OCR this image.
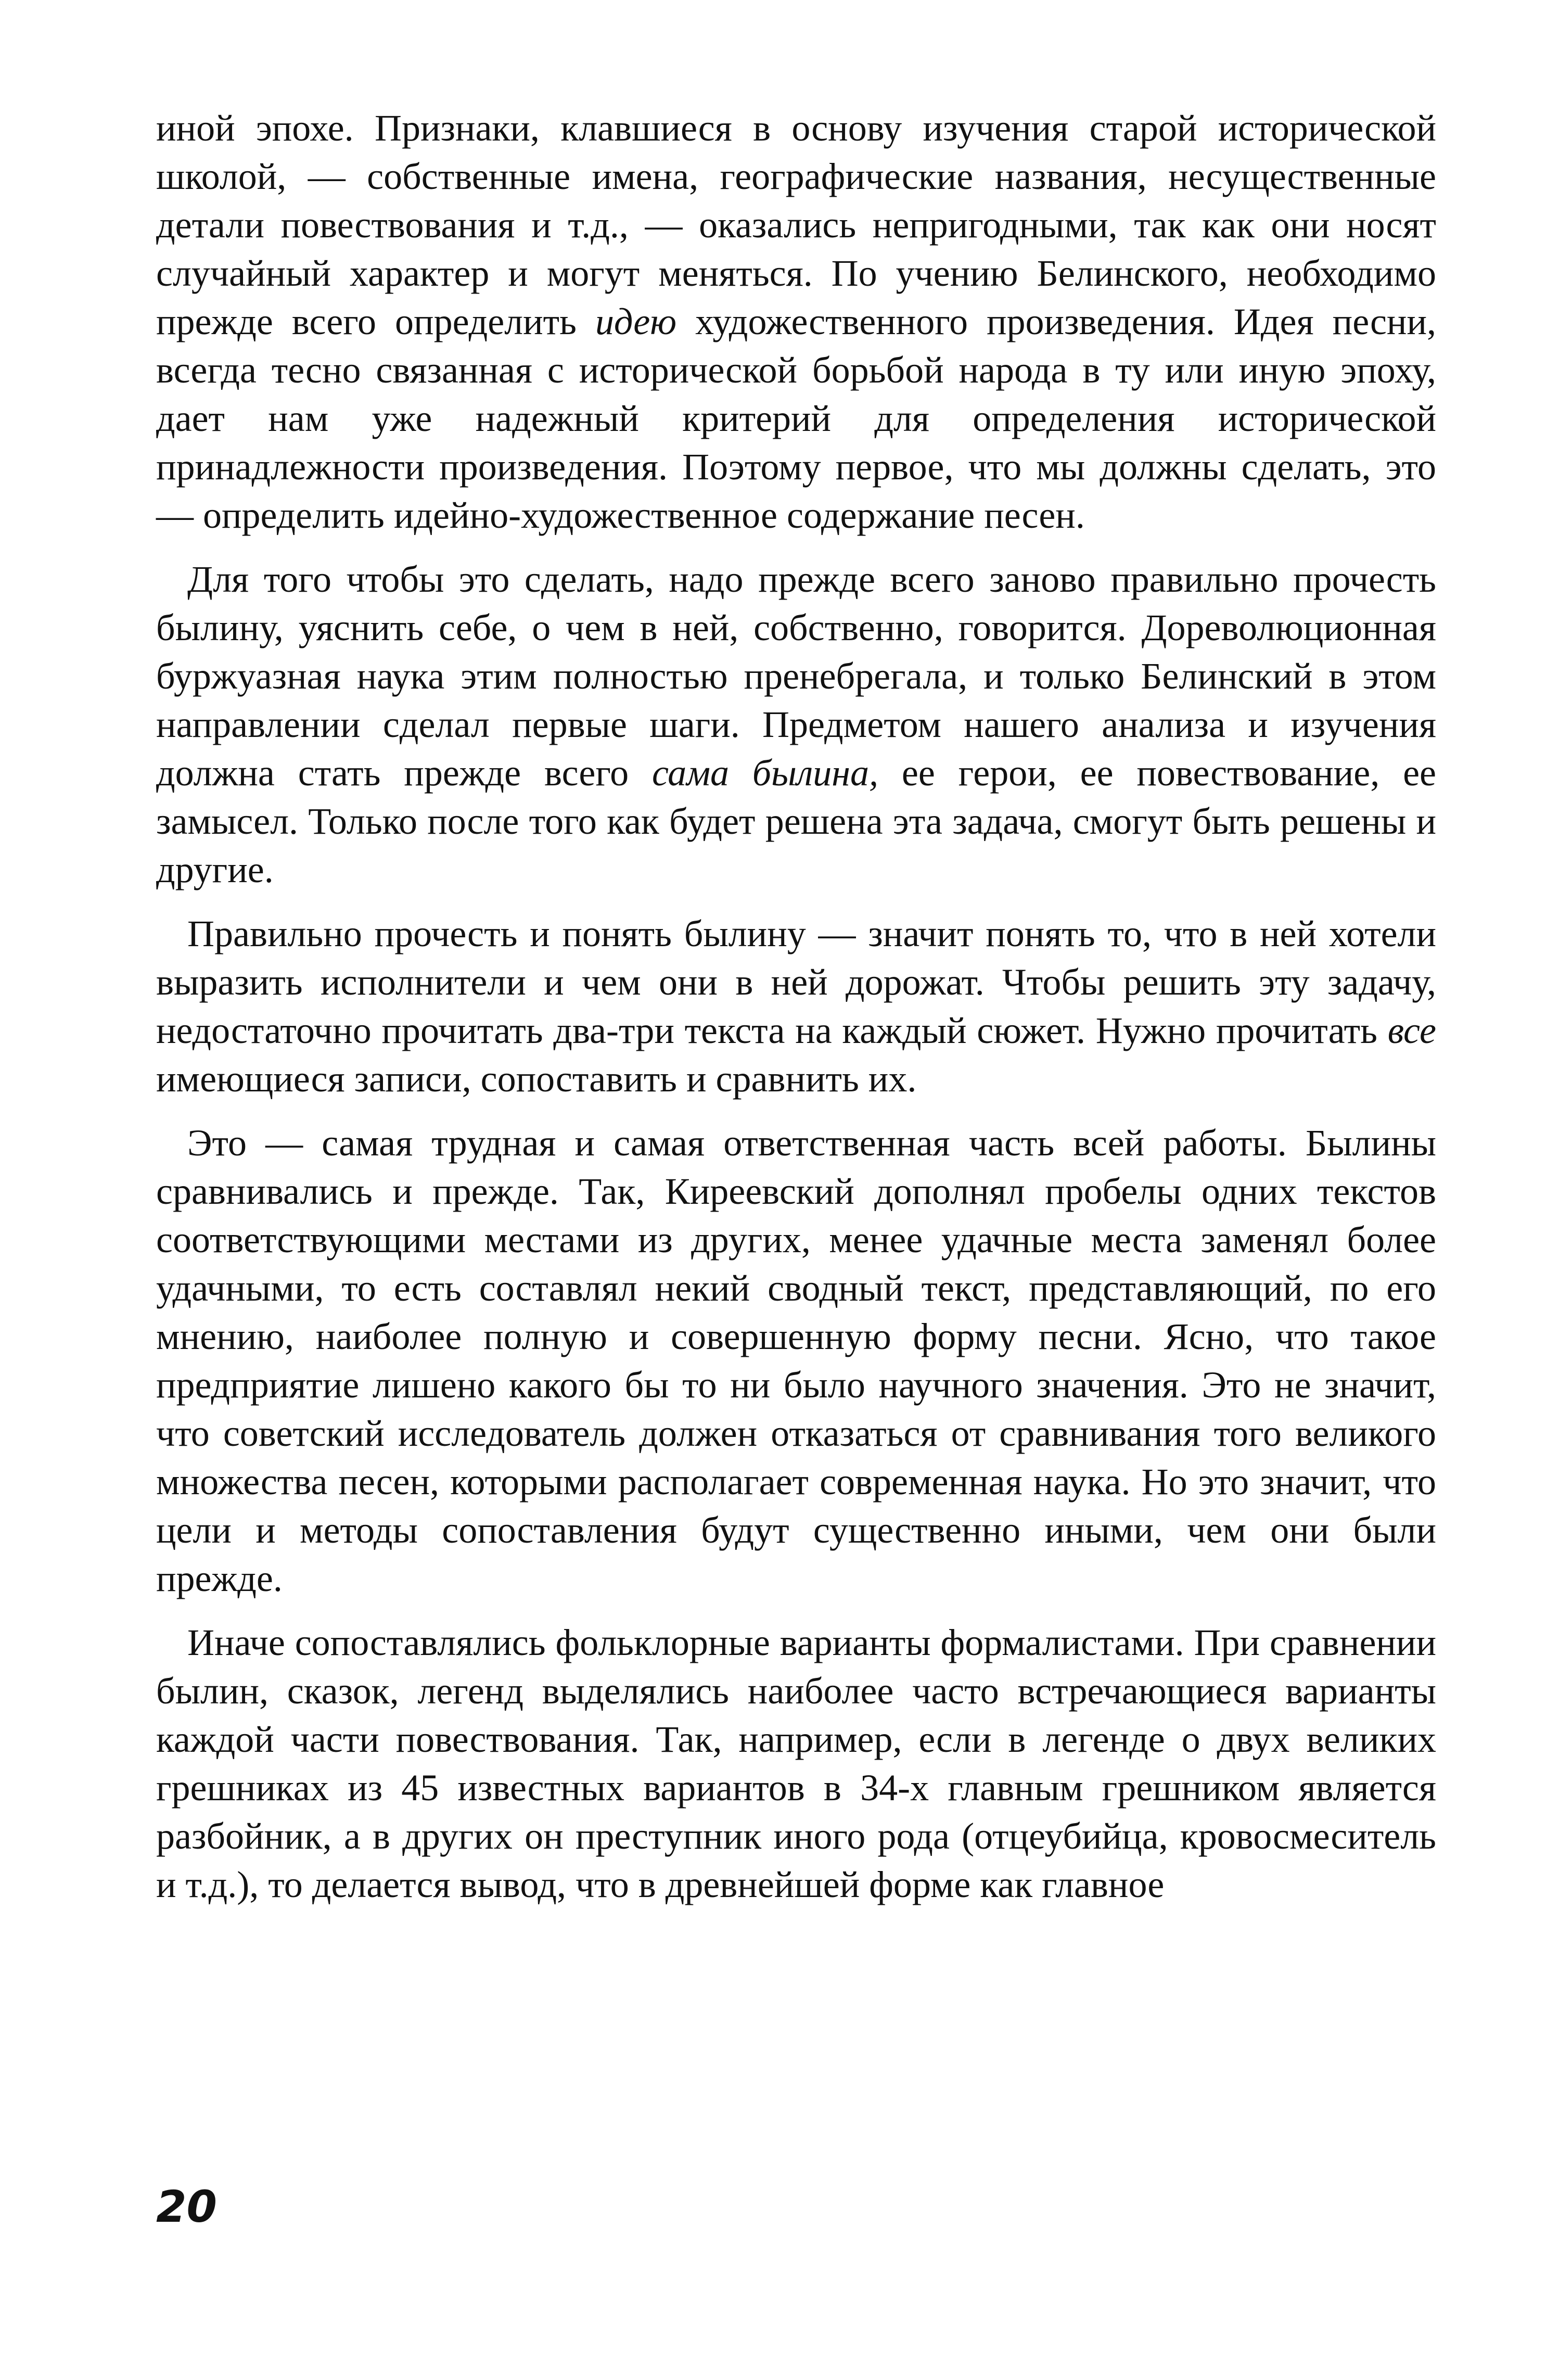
иной эпохе. Признаки, клавшиеся в основу изучения старой исторической школой, — собственные имена, географические названия, несущественные детали повествования и т.д., — оказались непригодными, так как они носят случайный характер и могут меняться. По учению Белинского, необходимо прежде всего определить идею художественного произведения. Идея песни, всегда тесно связанная с исторической борьбой народа в ту или иную эпоху, дает нам уже надежный критерий для определения исторической принадлежности произведения. Поэтому первое, что мы должны сделать, это — определить идейно-художественное содержание песен.

Для того чтобы это сделать, надо прежде всего заново правильно прочесть былину, уяснить себе, о чем в ней, собственно, говорится. Дореволюционная буржуазная наука этим полностью пренебрегала, и только Белинский в этом направлении сделал первые шаги. Предметом нашего анализа и изучения должна стать прежде всего сама былина, ее герои, ее повествование, ее замысел. Только после того как будет решена эта задача, смогут быть решены и другие.

Правильно прочесть и понять былину — значит понять то, что в ней хотели выразить исполнители и чем они в ней дорожат. Чтобы решить эту задачу, недостаточно прочитать два-три текста на каждый сюжет. Нужно прочитать все имеющиеся записи, сопоставить и сравнить их.

Это — самая трудная и самая ответственная часть всей работы. Былины сравнивались и прежде. Так, Киреевский дополнял пробелы одних текстов соответствующими местами из других, менее удачные места заменял более удачными, то есть составлял некий сводный текст, представляющий, по его мнению, наиболее полную и совершенную форму песни. Ясно, что такое предприятие лишено какого бы то ни было научного значения. Это не значит, что советский исследователь должен отказаться от сравнивания того великого множества песен, которыми располагает современная наука. Но это значит, что цели и методы сопоставления будут существенно иными, чем они были прежде.

Иначе сопоставлялись фольклорные варианты формалистами. При сравнении былин, сказок, легенд выделялись наиболее часто встречающиеся варианты каждой части повествования. Так, например, если в легенде о двух великих грешниках из 45 известных вариантов в 34-х главным грешником является разбойник, а в других он преступник иного рода (отцеубийца, кровосмеситель и т.д.), то делается вывод, что в древнейшей форме как главное

20
